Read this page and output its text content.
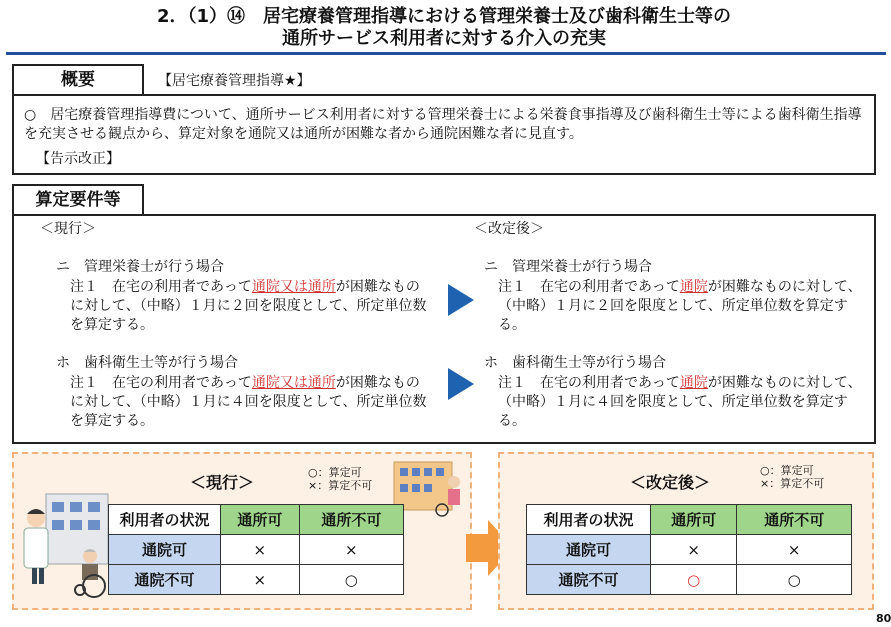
2．（1）⑭　居宅療養管理指導における管理栄養士及び歯科衛生士等の
通所サービス利用者に対する介入の充実
○　居宅療養管理指導費について、通所サービス利用者に対する管理栄養士による栄養食事指導及び歯科衛生士等による歯科衛生指導を充実させる観点から、算定対象を通院又は通所が困難な者から通院困難な者に見直す。
概要	【居宅療養管理指導★】
【告示改正】
＜現行＞
ニ　管理栄養士が行う場合
注１　在宅の利用者であって通院又は通所が困難なものに対して、（中略）１月に２回を限度として、所定単位数を算定する。
ホ　歯科衛生士等が行う場合
注１　在宅の利用者であって通院又は通所が困難なものに対して、（中略）１月に４回を限度として、所定単位数を算定する。
＜改定後＞
ニ　管理栄養士が行う場合
注１　在宅の利用者であって通院が困難なものに対して、（中略）１月に２回を限度として、所定単位数を算定する。
ホ　歯科衛生士等が行う場合
注１　在宅の利用者であって通院が困難なものに対して、（中略）１月に４回を限度として、所定単位数を算定する。
算定要件等
＜現行＞
○：算定可
×：算定不可
利用者の状況	通所可	通所不可
通院可	×	×
通院不可	×	○
＜改定後＞
○：算定可
×：算定不可
利用者の状況	通所可	通所不可
通院可	×	×
通院不可	○	○
80
